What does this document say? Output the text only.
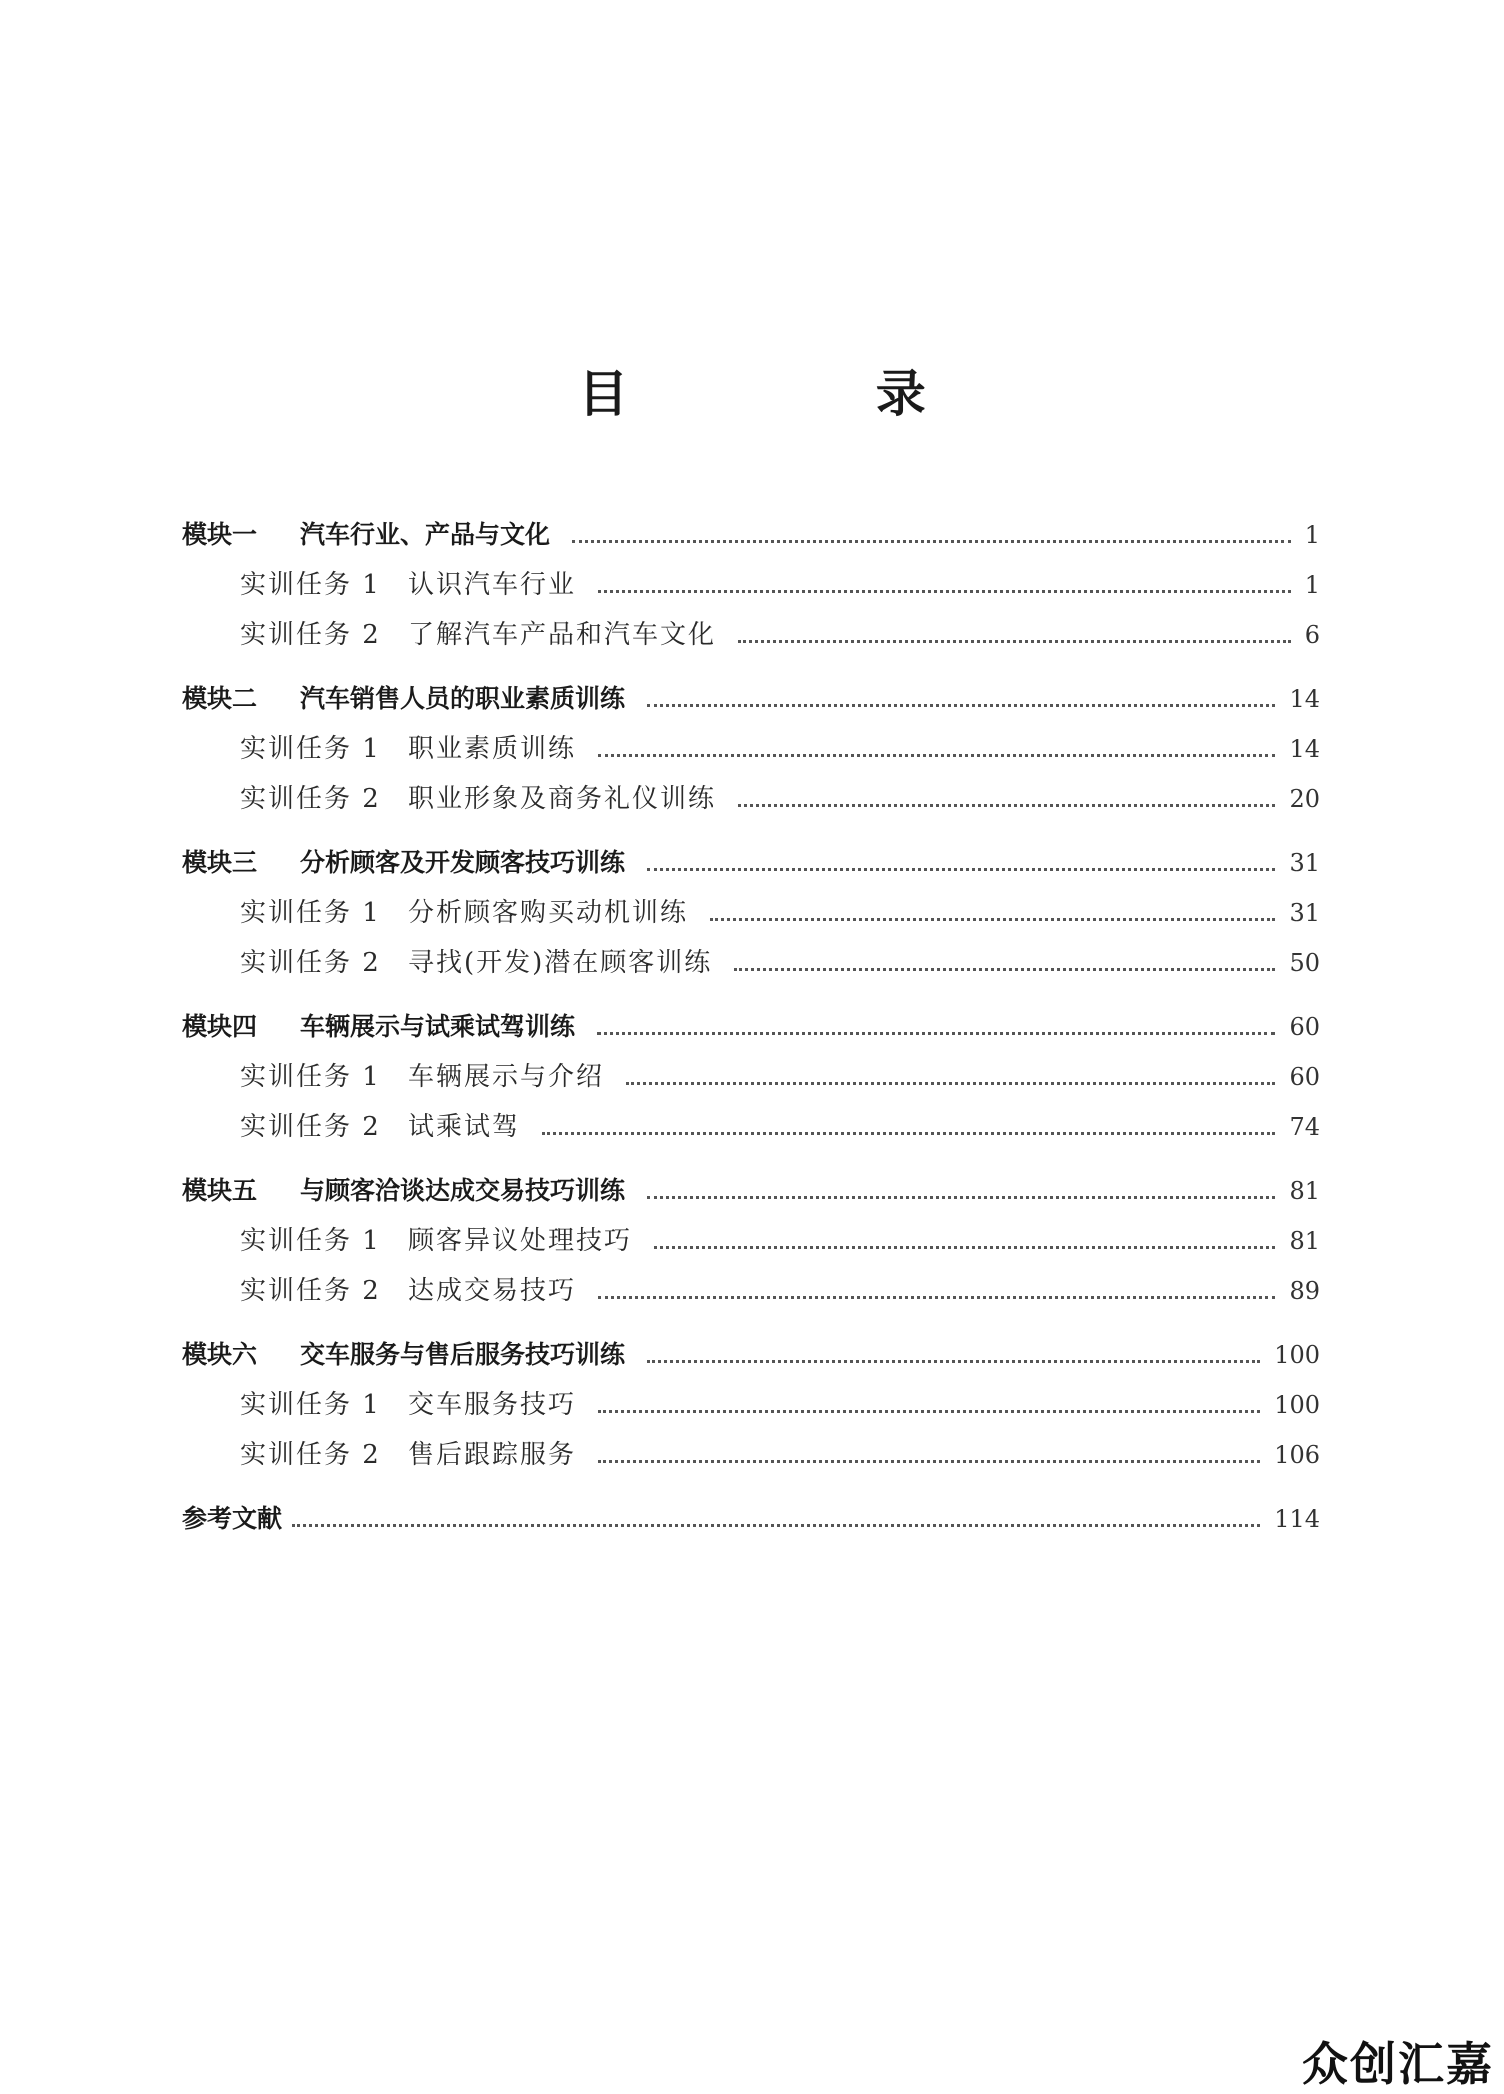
目 录
模块一	汽车行业、产品与文化	1
实训任务 1	认识汽车行业	1
实训任务 2	了解汽车产品和汽车文化	6
模块二	汽车销售人员的职业素质训练	14
实训任务 1	职业素质训练	14
实训任务 2	职业形象及商务礼仪训练	20
模块三	分析顾客及开发顾客技巧训练	31
实训任务 1	分析顾客购买动机训练	31
实训任务 2	寻找(开发)潜在顾客训练	50
模块四	车辆展示与试乘试驾训练	60
实训任务 1	车辆展示与介绍	60
实训任务 2	试乘试驾	74
模块五	与顾客洽谈达成交易技巧训练	81
实训任务 1	顾客异议处理技巧	81
实训任务 2	达成交易技巧	89
模块六	交车服务与售后服务技巧训练	100
实训任务 1	交车服务技巧	100
实训任务 2	售后跟踪服务	106
参考文献	114
众创汇嘉
